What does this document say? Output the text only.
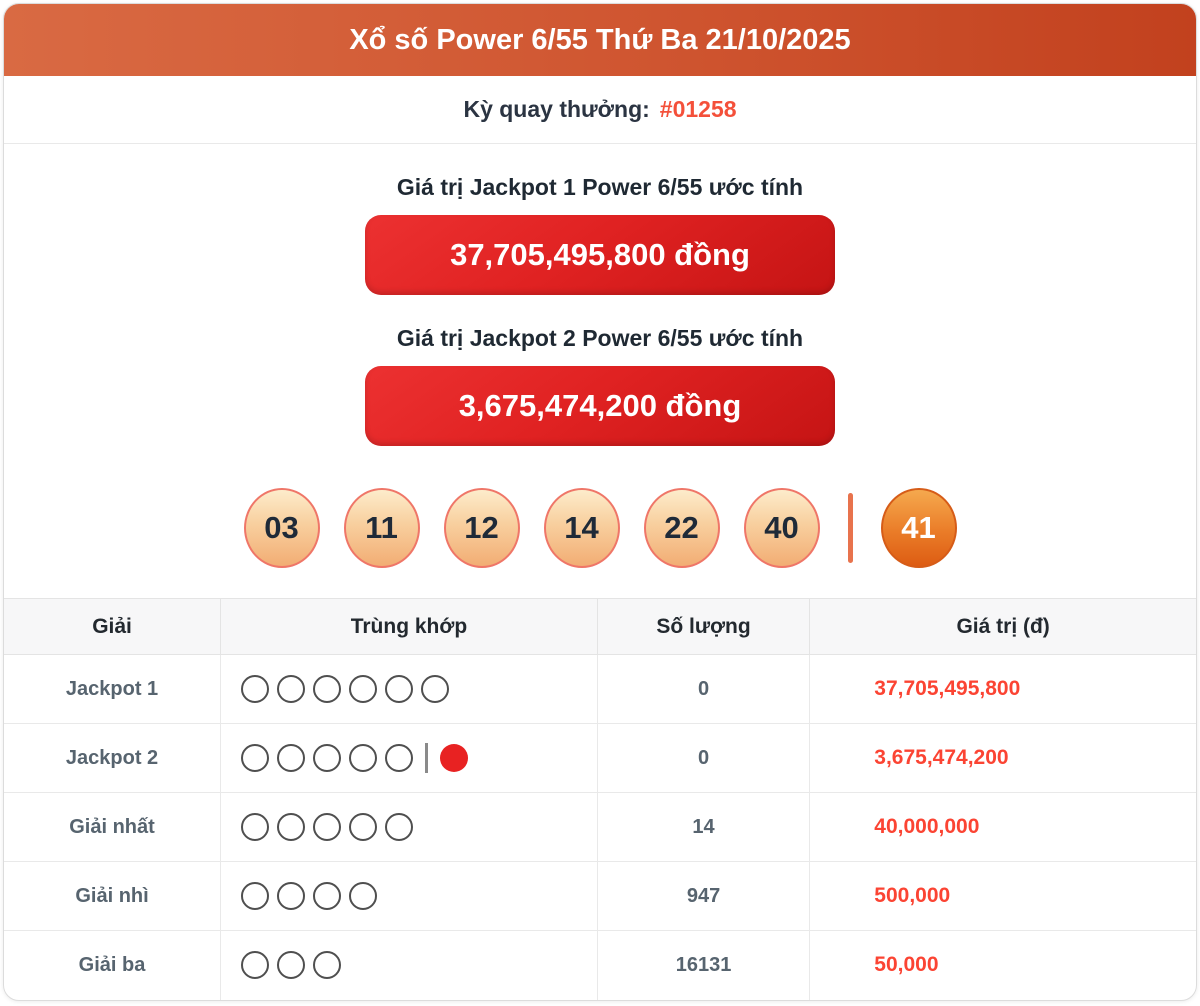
Xổ số Power 6/55 Thứ Ba 21/10/2025
Kỳ quay thưởng: #01258
Giá trị Jackpot 1 Power 6/55 ước tính
37,705,495,800 đồng
Giá trị Jackpot 2 Power 6/55 ước tính
3,675,474,200 đồng
03	11	12	14	22	40	41
Giải	Trùng khớp	Số lượng	Giá trị (đ)
Jackpot 1		0	37,705,495,800
Jackpot 2		0	3,675,474,200
Giải nhất		14	40,000,000
Giải nhì		947	500,000
Giải ba		16131	50,000
